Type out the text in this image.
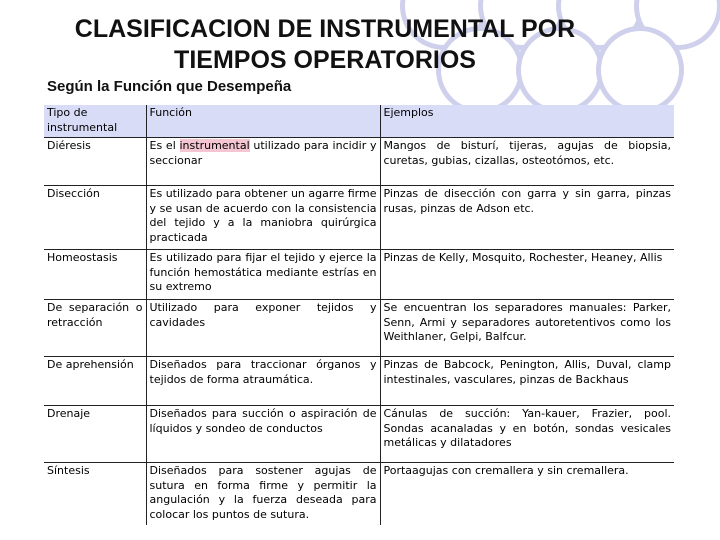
CLASIFICACION DE INSTRUMENTAL POR
TIEMPOS OPERATORIOS
Según la Función que Desempeña
Tipo de instrumental	Función	Ejemplos
Diéresis	Es el instrumental utilizado para incidir y seccionar	Mangos de bisturí, tijeras, agujas de biopsia, curetas, gubias, cizallas, osteotómos, etc.
Disección	Es utilizado para obtener un agarre firme y se usan de acuerdo con la consistencia del tejido y a la maniobra quirúrgica practicada	Pinzas de disección con garra y sin garra, pinzas rusas, pinzas de Adson etc.
Homeostasis	Es utilizado para fijar el tejido y ejerce la función hemostática mediante estrías en su extremo	Pinzas de Kelly, Mosquito, Rochester, Heaney, Allis
De separación o retracción	Utilizado para exponer tejidos y cavidades	Se encuentran los separadores manuales: Parker, Senn, Armi y separadores autoretentivos como los Weithlaner, Gelpi, Balfcur.
De aprehensión	Diseñados para traccionar órganos y tejidos de forma atraumática.	Pinzas de Babcock, Penington, Allis, Duval, clamp intestinales, vasculares, pinzas de Backhaus
Drenaje	Diseñados para succión o aspiración de líquidos y sondeo de conductos	Cánulas de succión: Yan-kauer, Frazier, pool. Sondas acanaladas y en botón, sondas vesicales metálicas y dilatadores
Síntesis	Diseñados para sostener agujas de sutura en forma firme y permitir la angulación y la fuerza deseada para colocar los puntos de sutura.	Portaagujas con cremallera y sin cremallera.
